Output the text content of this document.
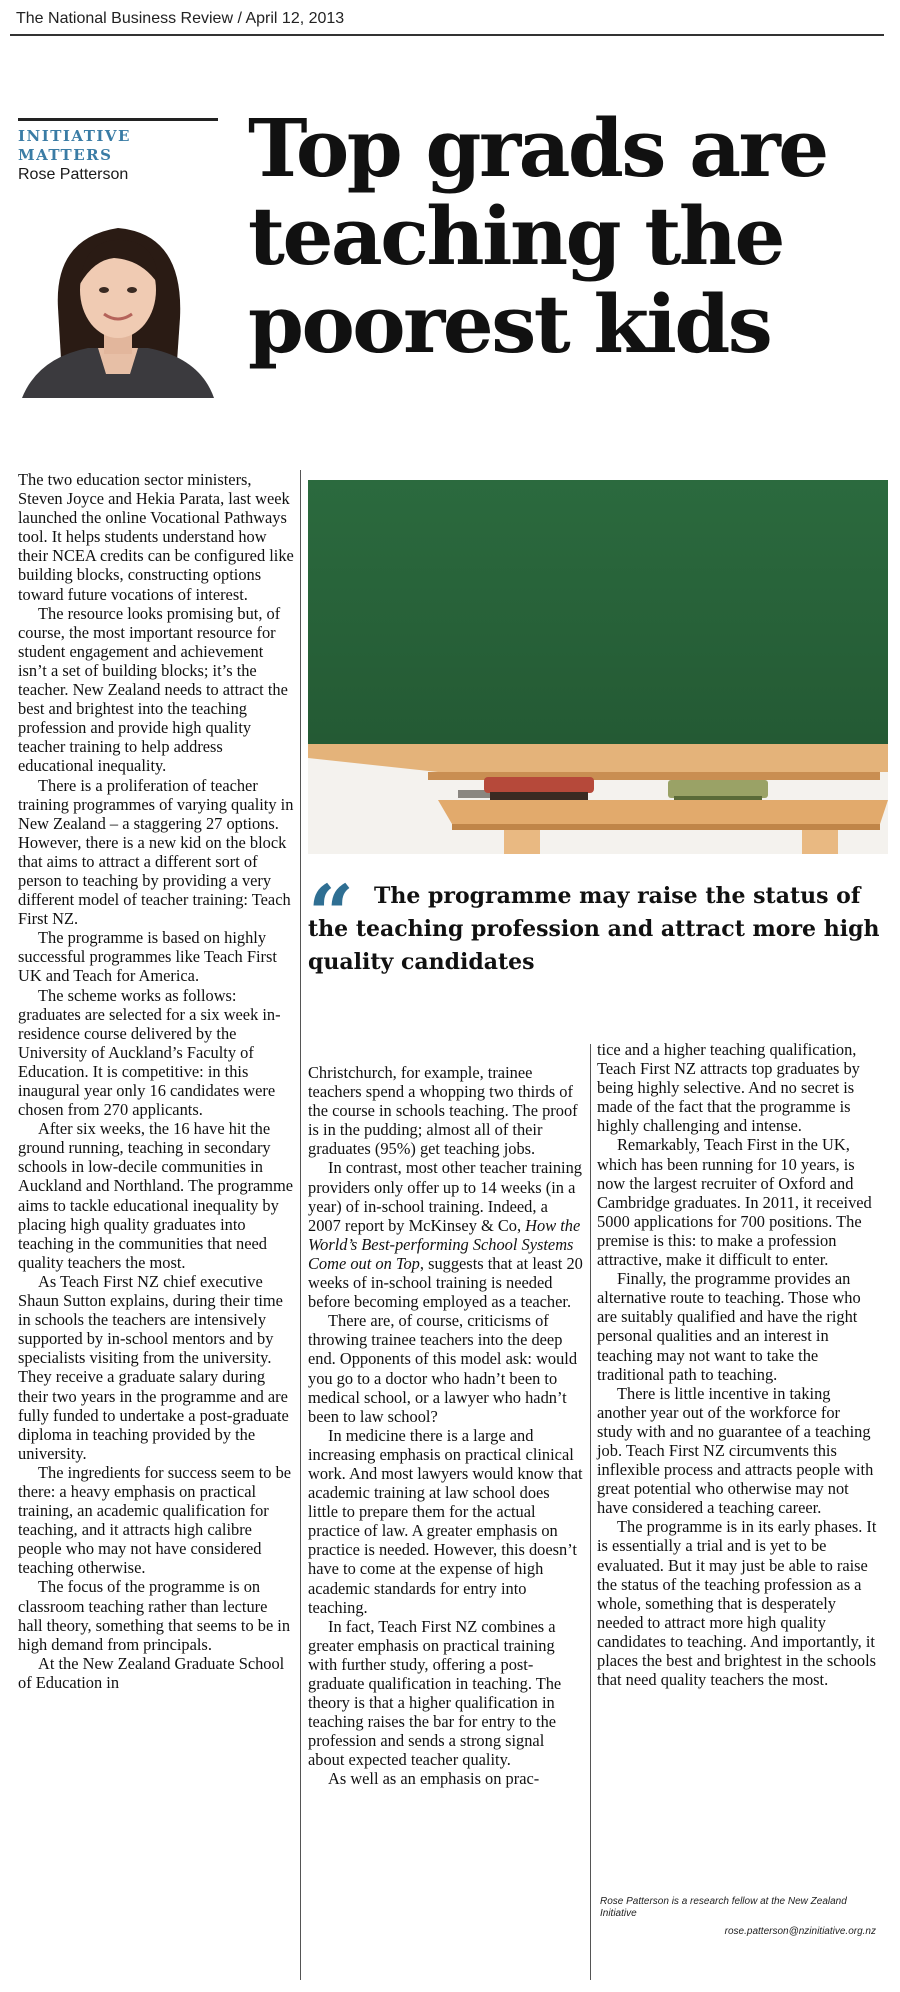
The National Business Review / April 12, 2013
INITIATIVE
MATTERS
Rose Patterson	Top grads are
teaching the
poorest kids

The two education sector ministers, Steven Joyce and Hekia Parata, last week launched the online Vocational Pathways tool. It helps students understand how their NCEA credits can be configured like building blocks, constructing options toward future vocations of interest.

The resource looks promising but, of course, the most important resource for student engagement and achievement isn’t a set of building blocks; it’s the teacher. New Zealand needs to attract the best and brightest into the teaching profession and provide high quality teacher training to help address educational inequality.

There is a proliferation of teacher training programmes of varying quality in New Zealand – a staggering 27 options. However, there is a new kid on the block that aims to attract a different sort of person to teaching by providing a very different model of teacher training: Teach First NZ.

The programme is based on highly successful programmes like Teach First UK and Teach for America.

The scheme works as follows: graduates are selected for a six week in-residence course delivered by the University of Auckland’s Faculty of Education. It is competitive: in this inaugural year only 16 candidates were chosen from 270 applicants.

After six weeks, the 16 have hit the ground running, teaching in secondary schools in low-decile communities in Auckland and Northland. The programme aims to tackle educational inequality by placing high quality graduates into teaching in the communities that need quality teachers the most.

As Teach First NZ chief executive Shaun Sutton explains, during their time in schools the teachers are intensively supported by in-school mentors and by specialists visiting from the university. They receive a graduate salary during their two years in the programme and are fully funded to undertake a post-graduate diploma in teaching provided by the university.

The ingredients for success seem to be there: a heavy emphasis on practical training, an academic qualification for teaching, and it attracts high calibre people who may not have considered teaching otherwise.

The focus of the programme is on classroom teaching rather than lecture hall theory, something that seems to be in high demand from principals.

At the New Zealand Graduate School of Education in

“ The programme may raise the status of the teaching profession and attract more high quality candidates

Christchurch, for example, trainee teachers spend a whopping two thirds of the course in schools teaching. The proof is in the pudding; almost all of their graduates (95%) get teaching jobs.

In contrast, most other teacher training providers only offer up to 14 weeks (in a year) of in-school training. Indeed, a 2007 report by McKinsey & Co, How the World’s Best-performing School Systems Come out on Top, suggests that at least 20 weeks of in-school training is needed before becoming employed as a teacher.

There are, of course, criticisms of throwing trainee teachers into the deep end. Opponents of this model ask: would you go to a doctor who hadn’t been to medical school, or a lawyer who hadn’t been to law school?

In medicine there is a large and increasing emphasis on practical clinical work. And most lawyers would know that academic training at law school does little to prepare them for the actual practice of law. A greater emphasis on practice is needed. However, this doesn’t have to come at the expense of high academic standards for entry into teaching.

In fact, Teach First NZ combines a greater emphasis on practical training with further study, offering a post-graduate qualification in teaching. The theory is that a higher qualification in teaching raises the bar for entry to the profession and sends a strong signal about expected teacher quality.

As well as an emphasis on prac-

tice and a higher teaching qualification, Teach First NZ attracts top graduates by being highly selective. And no secret is made of the fact that the programme is highly challenging and intense.

Remarkably, Teach First in the UK, which has been running for 10 years, is now the largest recruiter of Oxford and Cambridge graduates. In 2011, it received 5000 applications for 700 positions. The premise is this: to make a profession attractive, make it difficult to enter.

Finally, the programme provides an alternative route to teaching. Those who are suitably qualified and have the right personal qualities and an interest in teaching may not want to take the traditional path to teaching.

There is little incentive in taking another year out of the workforce for study with and no guarantee of a teaching job. Teach First NZ circumvents this inflexible process and attracts people with great potential who otherwise may not have considered a teaching career.

The programme is in its early phases. It is essentially a trial and is yet to be evaluated. But it may just be able to raise the status of the teaching profession as a whole, something that is desperately needed to attract more high quality candidates to teaching. And importantly, it places the best and brightest in the schools that need quality teachers the most.

Rose Patterson is a research fellow at the New Zealand Initiative
rose.patterson@nzinitiative.org.nz
